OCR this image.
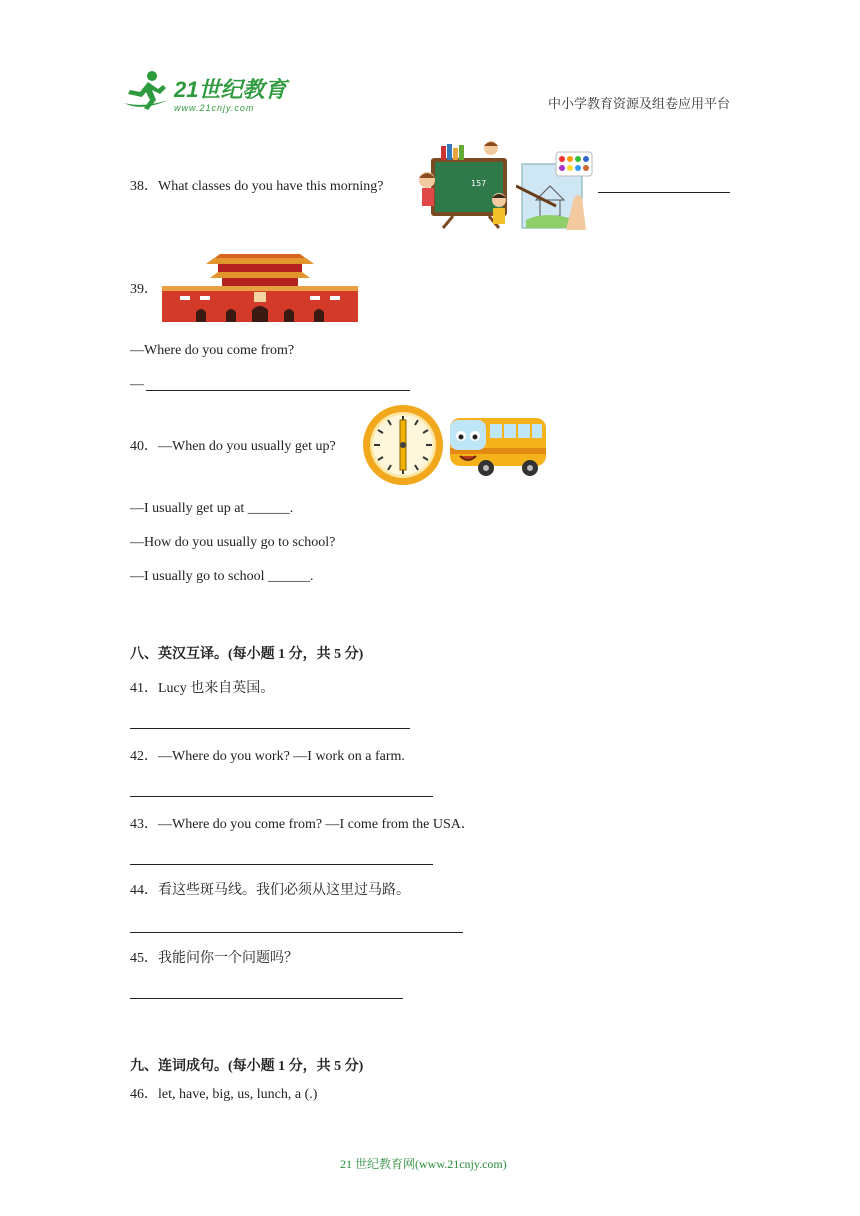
21世纪教育
www.21cnjy.com	中小学教育资源及组卷应用平台
38．What classes do you have this morning?	157
39．
—Where do you come from?
—
40．—When do you usually get up?
—I usually get up at ______.
—How do you usually go to school?
—I usually go to school ______.
八、英汉互译。(每小题 1 分，共 5 分)
41．Lucy 也来自英国。
42．—Where do you work? —I work on a farm.
43．—Where do you come from? —I come from the USA．
44．看这些斑马线。我们必须从这里过马路。
45．我能问你一个问题吗？
九、连词成句。(每小题 1 分，共 5 分)
46．let, have, big, us, lunch, a (.)
21 世纪教育网(www.21cnjy.com)
